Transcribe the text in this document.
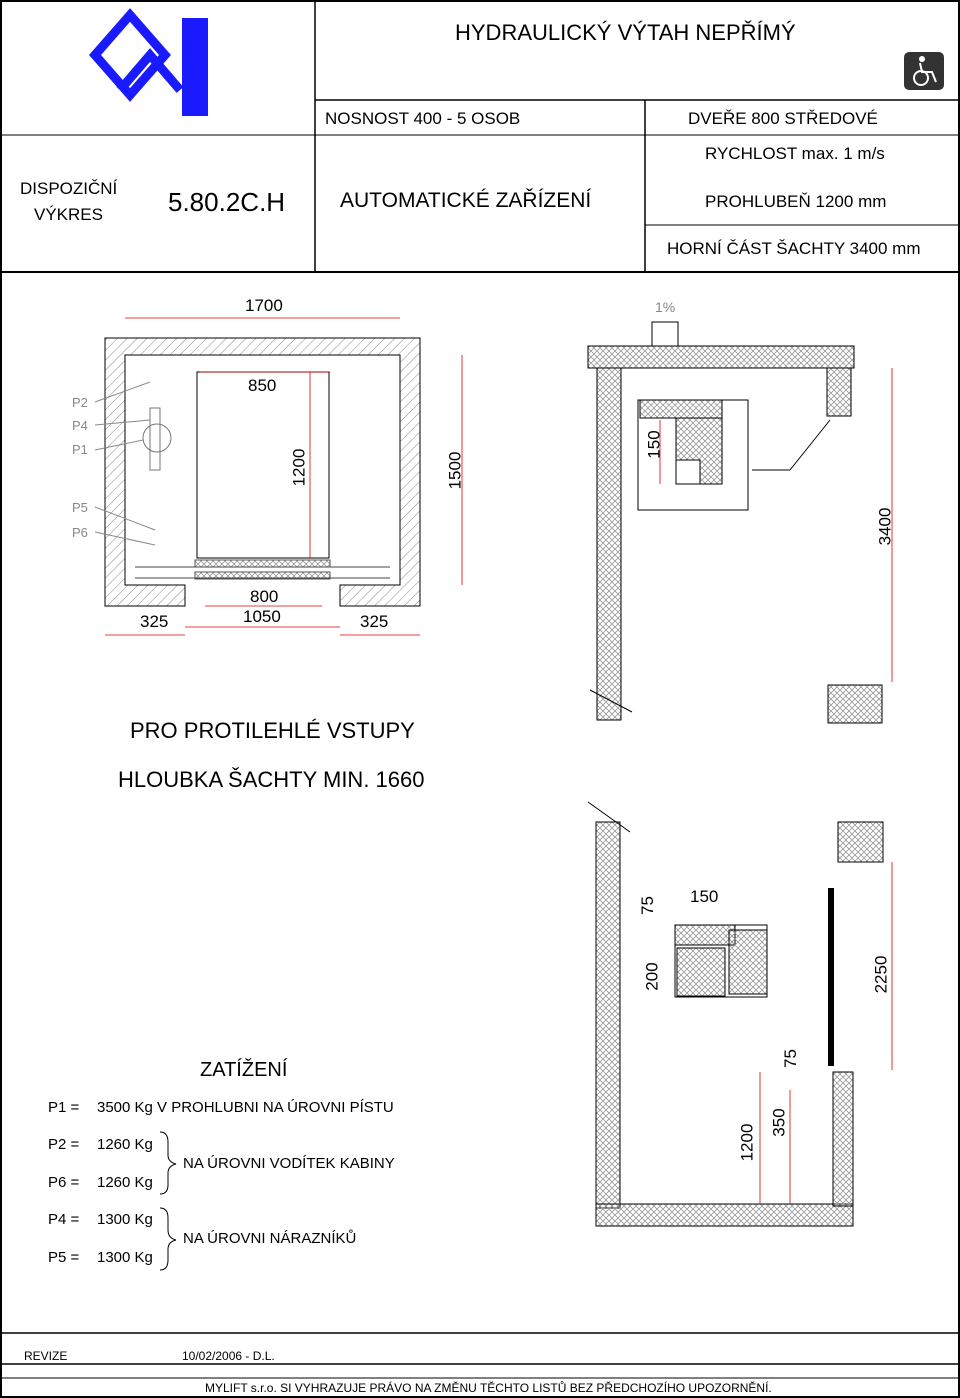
HYDRAULICKÝ VÝTAH NEPŘÍMÝ
NOSNOST 400 - 5 OSOB	DVEŘE 800 STŘEDOVÉ
DISPOZIČNÍ
VÝKRES	5.80.2C.H	AUTOMATICKÉ ZAŘÍZENÍ
RYCHLOST max. 1 m/s
PROHLUBEŇ 1200 mm
HORNÍ ČÁST ŠACHTY 3400 mm
1700
850
1200	1500
800
1050
325	325
P2
P4
P1
P5
P6
1%
150
3400
PRO PROTILEHLÉ VSTUPY
HLOUBKA ŠACHTY MIN. 1660
75 150
200	2250
75
350
1200
ZATÍŽENÍ
P1 = 3500 Kg V PROHLUBNI NA ÚROVNI PÍSTU
P2 = 1260 Kg
NA ÚROVNI VODÍTEK KABINY
P6 = 1260 Kg
P4 = 1300 Kg
NA ÚROVNI NÁRAZNÍKŮ
P5 = 1300 Kg
REVIZE	10/02/2006 - D.L.
MYLIFT s.r.o. SI VYHRAZUJE PRÁVO NA ZMĚNU TĚCHTO LISTŮ BEZ PŘEDCHOZÍHO UPOZORNĚNÍ.
